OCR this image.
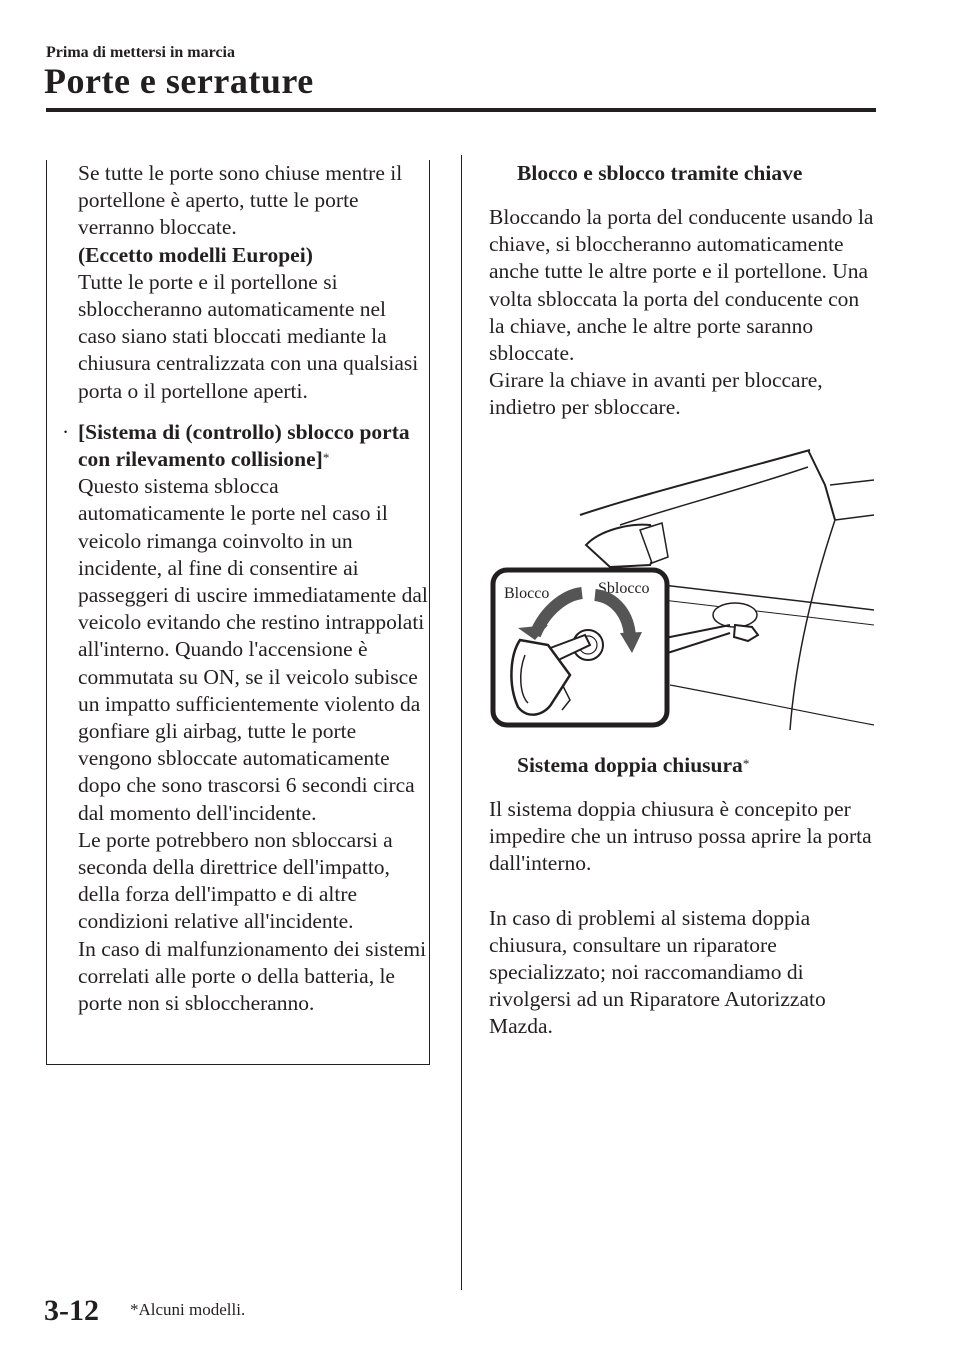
Prima di mettersi in marcia
Porte e serrature

Se tutte le porte sono chiuse mentre il portellone è aperto, tutte le porte verranno bloccate.

(Eccetto modelli Europei)

Tutte le porte e il portellone si sbloccheranno automaticamente nel caso siano stati bloccati mediante la chiusura centralizzata con una qualsiasi porta o il portellone aperti.

· [Sistema di (controllo) sblocco porta con rilevamento collisione]*

Questo sistema sblocca automaticamente le porte nel caso il veicolo rimanga coinvolto in un incidente, al fine di consentire ai passeggeri di uscire immediatamente dal veicolo evitando che restino intrappolati all'interno. Quando l'accensione è commutata su ON, se il veicolo subisce un impatto sufficientemente violento da gonfiare gli airbag, tutte le porte vengono sbloccate automaticamente dopo che sono trascorsi 6 secondi circa dal momento dell'incidente.

Le porte potrebbero non sbloccarsi a seconda della direttrice dell'impatto, della forza dell'impatto e di altre condizioni relative all'incidente.

In caso di malfunzionamento dei sistemi correlati alle porte o della batteria, le porte non si sbloccheranno.

Blocco e sblocco tramite chiave

Bloccando la porta del conducente usando la chiave, si bloccheranno automaticamente anche tutte le altre porte e il portellone. Una volta sbloccata la porta del conducente con la chiave, anche le altre porte saranno sbloccate.

Girare la chiave in avanti per bloccare, indietro per sbloccare.

Blocco	Sblocco
Sistema doppia chiusura*

Il sistema doppia chiusura è concepito per impedire che un intruso possa aprire la porta dall'interno.

In caso di problemi al sistema doppia chiusura, consultare un riparatore specializzato; noi raccomandiamo di rivolgersi ad un Riparatore Autorizzato Mazda.

3-12 *Alcuni modelli.
